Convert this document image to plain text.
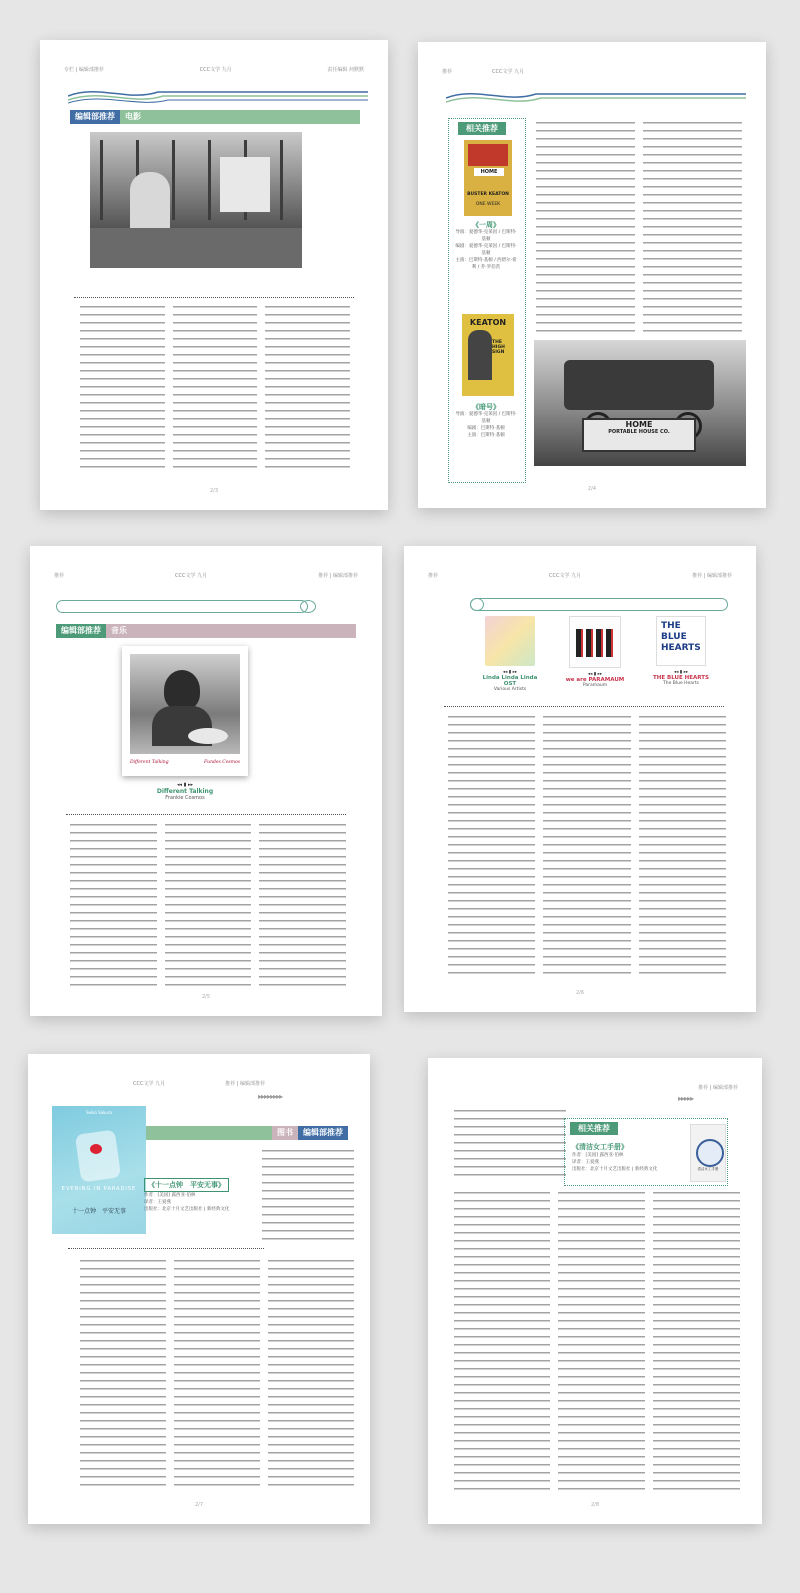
专栏 | 编辑部推荐	CCC文学 九月	责任编辑 何默默
编辑部推荐	电影
2/3
推荐	CCC文学 九月
相关推荐
HOME
BUSTER KEATON
ONE WEEK
《一周》
导演：爱德华·克莱因 / 巴斯特·基顿
编剧：爱德华·克莱因 / 巴斯特·基顿
主演：巴斯特·基顿 / 西碧尔·希利 / 乔·罗伯茨
KEATON
THE HIGH SIGN
《暗号》
导演：爱德华·克莱因 / 巴斯特·基顿
编剧：巴斯特·基顿
主演：巴斯特·基顿
HOME
PORTABLE HOUSE CO.
2/4
推荐	CCC文学 九月	推荐 | 编辑部推荐
编辑部推荐	音乐
Different Talking	Fundes Cosmos
◂◂ ▮ ▸▸
Different Talking
Frankie Cosmos
2/5
推荐	CCC文学 九月	推荐 | 编辑部推荐
◂◂ ▮ ▸▸
Linda Linda Linda OST
Various Artists
◂◂ ▮ ▸▸
we are PARAMAUM
Paramaum
THE
BLUE
HEARTS
◂◂ ▮ ▸▸
THE BLUE HEARTS
The Blue Hearts
2/6
CCC文学 九月	推荐 | 编辑部推荐
▸▸▸▸▸▸▸▸
图书	编辑部推荐
Seiko Sakura
EVENING IN PARADISE
十一点钟　平安无事
《十一点钟　平安无事》
作者：[美国] 露西亚·伯林
译者：王爱燕
出版社：北京十月文艺出版社 | 新经典文化
2/7
推荐 | 编辑部推荐
▸▸▸▸▸
相关推荐
《清洁女工手册》
作者：[美国] 露西亚·伯林
译者：王爱燕
出版社：北京十月文艺出版社 | 新经典文化	清洁女工手册
2/8
